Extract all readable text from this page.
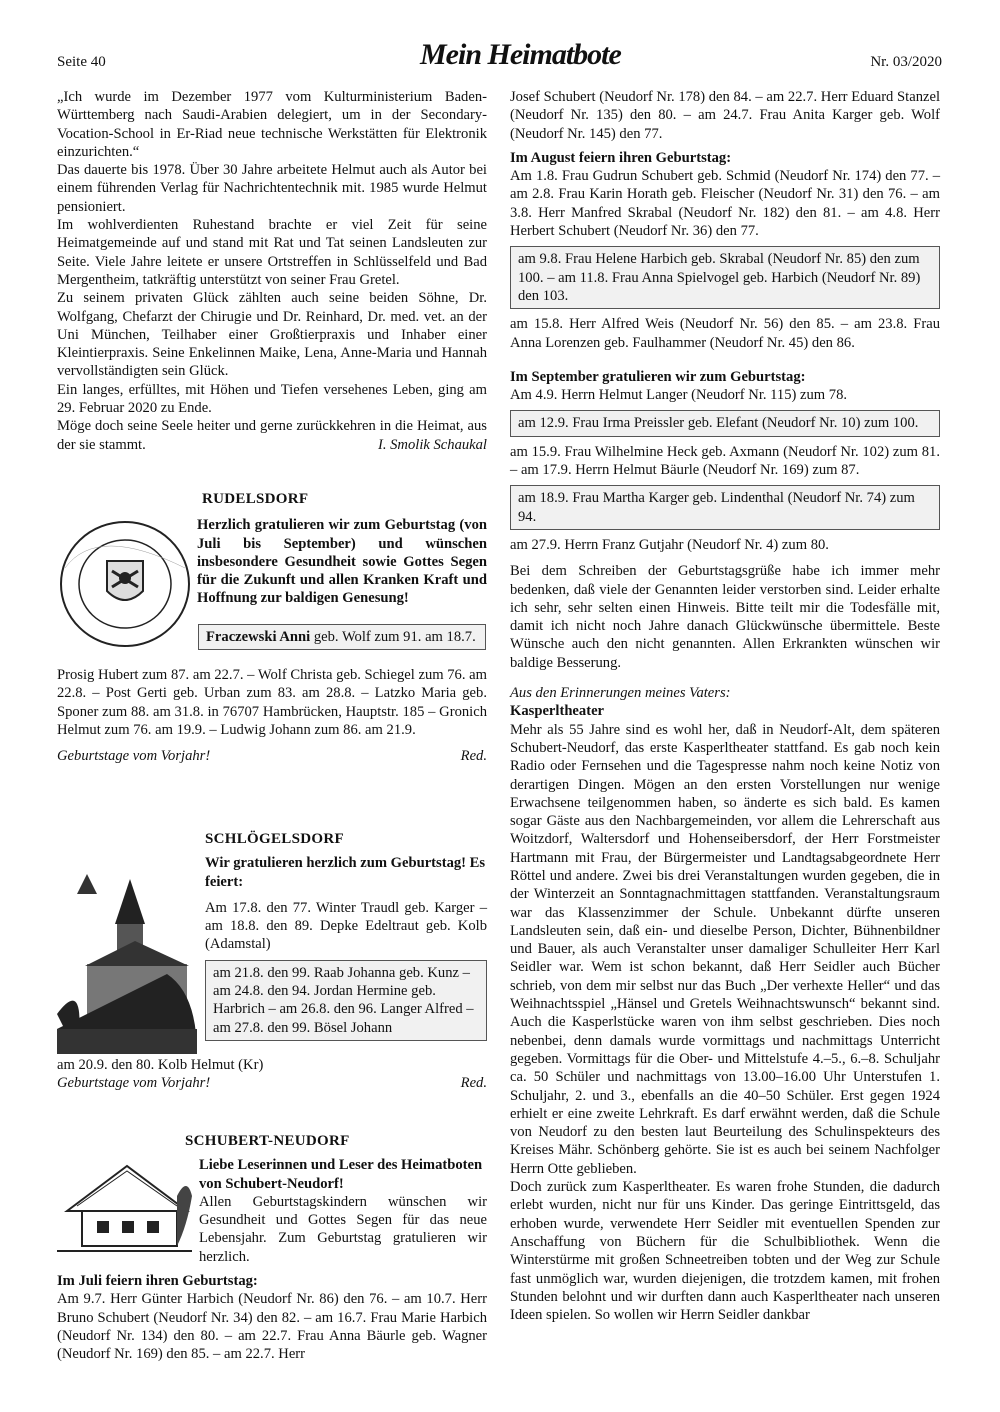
Seite 40	Mein Heimatbote	Nr. 03/2020

„Ich wurde im Dezember 1977 vom Kulturministerium Baden-Württemberg nach Saudi-Arabien delegiert, um in der Secondary-Vocation-School in Er-Riad neue technische Werkstätten für Elektronik einzurichten.“

Das dauerte bis 1978. Über 30 Jahre arbeitete Helmut auch als Autor bei einem führenden Verlag für Nachrichtentechnik mit. 1985 wurde Helmut pensioniert.

Im wohlverdienten Ruhestand brachte er viel Zeit für seine Heimatgemeinde auf und stand mit Rat und Tat seinen Landsleuten zur Seite. Viele Jahre leitete er unsere Ortstreffen in Schlüsselfeld und Bad Mergentheim, tatkräftig unterstützt von seiner Frau Gretel.

Zu seinem privaten Glück zählten auch seine beiden Söhne, Dr. Wolfgang, Chefarzt der Chirugie und Dr. Reinhard, Dr. med. vet. an der Uni München, Teilhaber einer Großtierpraxis und Inhaber einer Kleintierpraxis. Seine Enkelinnen Maike, Lena, Anne-Maria und Hannah vervollständigten sein Glück.

Ein langes, erfülltes, mit Höhen und Tiefen versehenes Leben, ging am 29. Februar 2020 zu Ende.

Möge doch seine Seele heiter und gerne zurückkehren in die Heimat, aus der sie stammt.	I. Smolik Schaukal
RUDELSDORF
Herzlich gratulieren wir zum Geburtstag (von Juli bis September) und wünschen insbesondere Gesundheit sowie Gottes Segen für die Zukunft und allen Kranken Kraft und Hoffnung zur baldigen Genesung!
Fraczewski Anni geb. Wolf zum 91. am 18.7.

Prosig Hubert zum 87. am 22.7. – Wolf Christa geb. Schiegel zum 76. am 22.8. – Post Gerti geb. Urban zum 83. am 28.8. – Latzko Maria geb. Sponer zum 88. am 31.8. in 76707 Hambrücken, Hauptstr. 185 – Gronich Helmut zum 76. am 19.9. – Ludwig Johann zum 86. am 21.9.

Geburtstage vom Vorjahr!	Red.
SCHLÖGELSDORF
Wir gratulieren herzlich zum Geburtstag! Es feiert:

Am 17.8. den 77. Winter Traudl geb. Karger – am 18.8. den 89. Depke Edeltraut geb. Kolb (Adamstal)

am 21.8. den 99. Raab Johanna geb. Kunz – am 24.8. den 94. Jordan Hermine geb. Harbrich – am 26.8. den 96. Langer Alfred – am 27.8. den 99. Bösel Johann

am 20.9. den 80. Kolb Helmut (Kr)

Geburtstage vom Vorjahr!	Red.
SCHUBERT-NEUDORF
Liebe Leserinnen und Leser des Heimatboten von Schubert-Neudorf!

Allen Geburtstagskindern wünschen wir Gesundheit und Gottes Segen für das neue Lebensjahr. Zum Geburtstag gratulieren wir herzlich.

Im Juli feiern ihren Geburtstag:

Am 9.7. Herr Günter Harbich (Neudorf Nr. 86) den 76. – am 10.7. Herr Bruno Schubert (Neudorf Nr. 34) den 82. – am 16.7. Frau Marie Harbich (Neudorf Nr. 134) den 80. – am 22.7. Frau Anna Bäurle geb. Wagner (Neudorf Nr. 169) den 85. – am 22.7. Herr

Josef Schubert (Neudorf Nr. 178) den 84. – am 22.7. Herr Eduard Stanzel (Neudorf Nr. 135) den 80. – am 24.7. Frau Anita Karger geb. Wolf (Neudorf Nr. 145) den 77.

Im August feiern ihren Geburtstag:

Am 1.8. Frau Gudrun Schubert geb. Schmid (Neudorf Nr. 174) den 77. – am 2.8. Frau Karin Horath geb. Fleischer (Neudorf Nr. 31) den 76. – am 3.8. Herr Manfred Skrabal (Neudorf Nr. 182) den 81. – am 4.8. Herr Herbert Schubert (Neudorf Nr. 36) den 77.

am 9.8. Frau Helene Harbich geb. Skrabal (Neudorf Nr. 85) den zum 100. – am 11.8. Frau Anna Spielvogel geb. Harbich (Neudorf Nr. 89) den 103.

am 15.8. Herr Alfred Weis (Neudorf Nr. 56) den 85. – am 23.8. Frau Anna Lorenzen geb. Faulhammer (Neudorf Nr. 45) den 86.

Im September gratulieren wir zum Geburtstag:

Am 4.9. Herrn Helmut Langer (Neudorf Nr. 115) zum 78.

am 12.9. Frau Irma Preissler geb. Elefant (Neudorf Nr. 10) zum 100.

am 15.9. Frau Wilhelmine Heck geb. Axmann (Neudorf Nr. 102) zum 81. – am 17.9. Herrn Helmut Bäurle (Neudorf Nr. 169) zum 87.

am 18.9. Frau Martha Karger geb. Lindenthal (Neudorf Nr. 74) zum 94.

am 27.9. Herrn Franz Gutjahr (Neudorf Nr. 4) zum 80.

Bei dem Schreiben der Geburtstagsgrüße habe ich immer mehr bedenken, daß viele der Genannten leider verstorben sind. Leider erhalte ich sehr, sehr selten einen Hinweis. Bitte teilt mir die Todesfälle mit, damit ich nicht noch Jahre danach Glückwünsche übermittele. Beste Wünsche auch den nicht genannten. Allen Erkrankten wünschen wir baldige Besserung.

Aus den Erinnerungen meines Vaters:
Kasperltheater

Mehr als 55 Jahre sind es wohl her, daß in Neudorf-Alt, dem späteren Schubert-Neudorf, das erste Kasperltheater stattfand. Es gab noch kein Radio oder Fernsehen und die Tagespresse nahm noch keine Notiz von derartigen Dingen. Mögen an den ersten Vorstellungen nur wenige Erwachsene teilgenommen haben, so änderte es sich bald. Es kamen sogar Gäste aus den Nachbargemeinden, vor allem die Lehrerschaft aus Woitzdorf, Waltersdorf und Hohenseibersdorf, der Herr Forstmeister Hartmann mit Frau, der Bürgermeister und Landtagsabgeordnete Herr Röttel und andere. Zwei bis drei Veranstaltungen wurden gegeben, die in der Winterzeit an Sonntagnachmittagen stattfanden. Veranstaltungsraum war das Klassenzimmer der Schule. Unbekannt dürfte unseren Landsleuten sein, daß ein- und dieselbe Person, Dichter, Bühnenbildner und Bauer, als auch Veranstalter unser damaliger Schulleiter Herr Karl Seidler war. Wem ist schon bekannt, daß Herr Seidler auch Bücher schrieb, von dem mir selbst nur das Buch „Der verhexte Heller“ und das Weihnachtsspiel „Hänsel und Gretels Weihnachtswunsch“ bekannt sind. Auch die Kasperlstücke waren von ihm selbst geschrieben. Dies noch nebenbei, denn damals wurde vormittags und nachmittags Unterricht gegeben. Vormittags für die Ober- und Mittelstufe 4.–5., 6.–8. Schuljahr ca. 50 Schüler und nachmittags von 13.00–16.00 Uhr Unterstufen 1. Schuljahr, 2. und 3., ebenfalls an die 40–50 Schüler. Erst gegen 1924 erhielt er eine zweite Lehrkraft. Es darf erwähnt werden, daß die Schule von Neudorf zu den besten laut Beurteilung des Schulinspekteurs des Kreises Mähr. Schönberg gehörte. Sie ist es auch bei seinem Nachfolger Herrn Otte geblieben.

Doch zurück zum Kasperltheater. Es waren frohe Stunden, die dadurch erlebt wurden, nicht nur für uns Kinder. Das geringe Eintrittsgeld, das erhoben wurde, verwendete Herr Seidler mit eventuellen Spenden zur Anschaffung von Büchern für die Schulbibliothek. Wenn die Winterstürme mit großen Schneetreiben tobten und der Weg zur Schule fast unmöglich war, wurden diejenigen, die trotzdem kamen, mit frohen Stunden belohnt und wir durften dann auch Kasperltheater nach unseren Ideen spielen. So wollen wir Herrn Seidler dankbar
